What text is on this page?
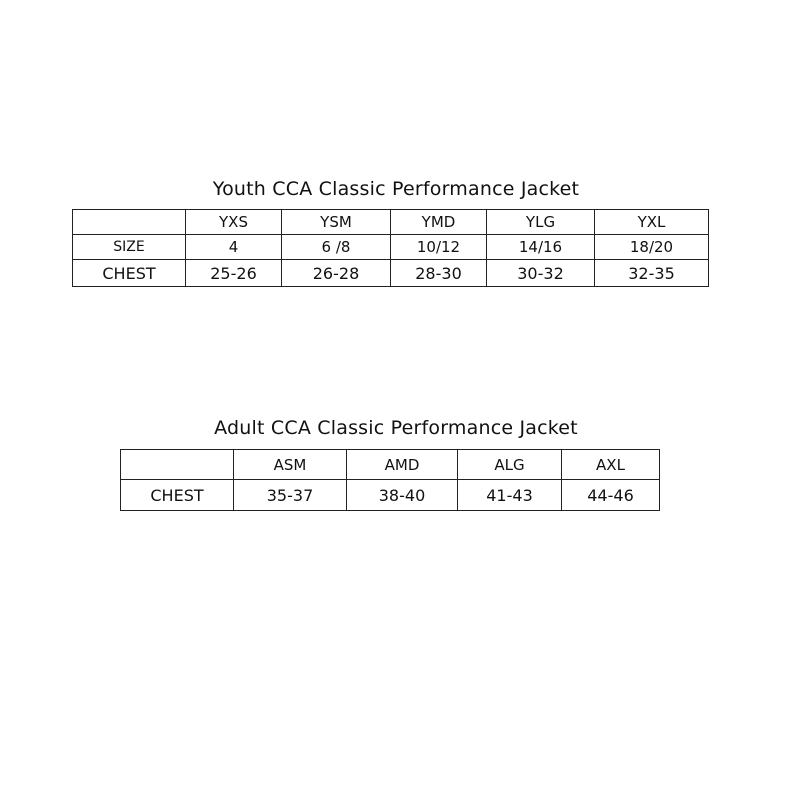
Youth CCA Classic Performance Jacket
	YXS	YSM	YMD	YLG	YXL
SIZE	4	6 /8	10/12	14/16	18/20
CHEST	25-26	26-28	28-30	30-32	32-35
Adult CCA Classic Performance Jacket
	ASM	AMD	ALG	AXL
CHEST	35-37	38-40	41-43	44-46
